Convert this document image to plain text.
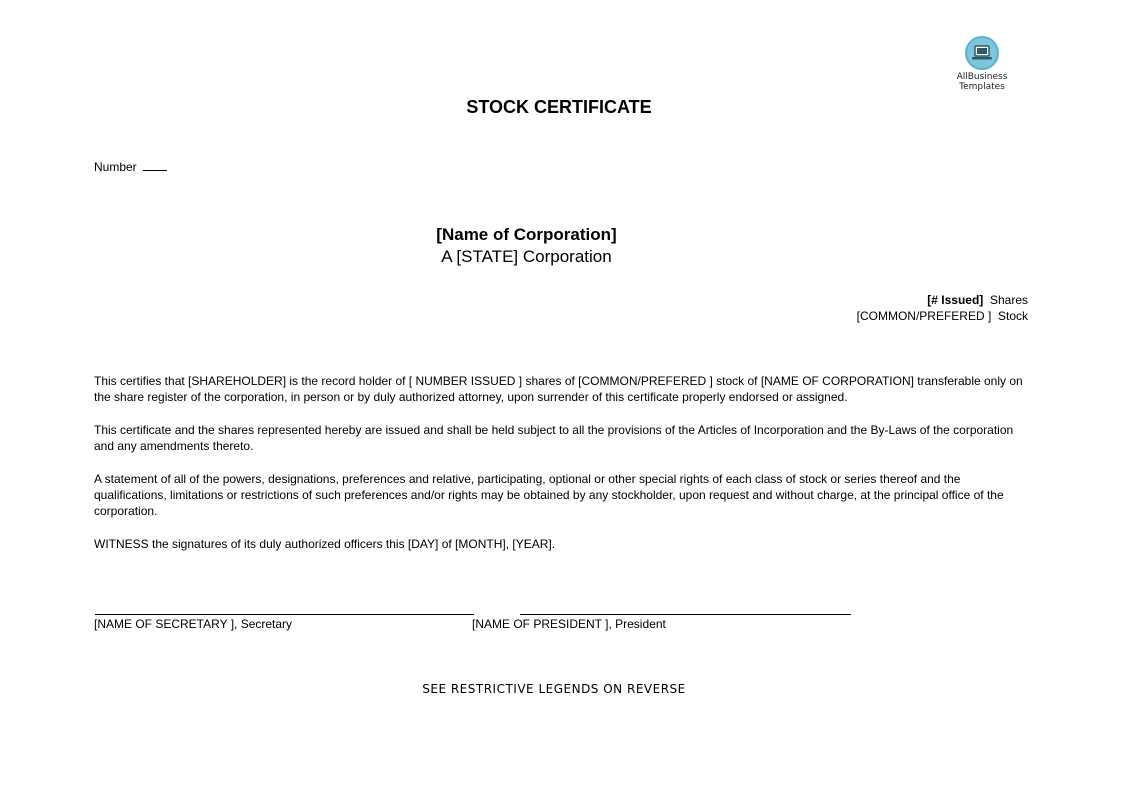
AllBusiness
Templates
STOCK CERTIFICATE
Number
[Name of Corporation]
A [STATE] Corporation
[# Issued] Shares
[COMMON/PREFERED ] Stock

This certifies that [SHAREHOLDER] is the record holder of [ NUMBER ISSUED ] shares of [COMMON/PREFERED ] stock of [NAME OF CORPORATION] transferable only on the share register of the corporation, in person or by duly authorized attorney, upon surrender of this certificate properly endorsed or assigned.

This certificate and the shares represented hereby are issued and shall be held subject to all the provisions of the Articles of Incorporation and the By-Laws of the corporation and any amendments thereto.

A statement of all of the powers, designations, preferences and relative, participating, optional or other special rights of each class of stock or series thereof and the qualifications, limitations or restrictions of such preferences and/or rights may be obtained by any stockholder, upon request and without charge, at the principal office of the corporation.

WITNESS the signatures of its duly authorized officers this [DAY] of [MONTH], [YEAR].

[NAME OF SECRETARY ], Secretary	[NAME OF PRESIDENT ], President
SEE RESTRICTIVE LEGENDS ON REVERSE
